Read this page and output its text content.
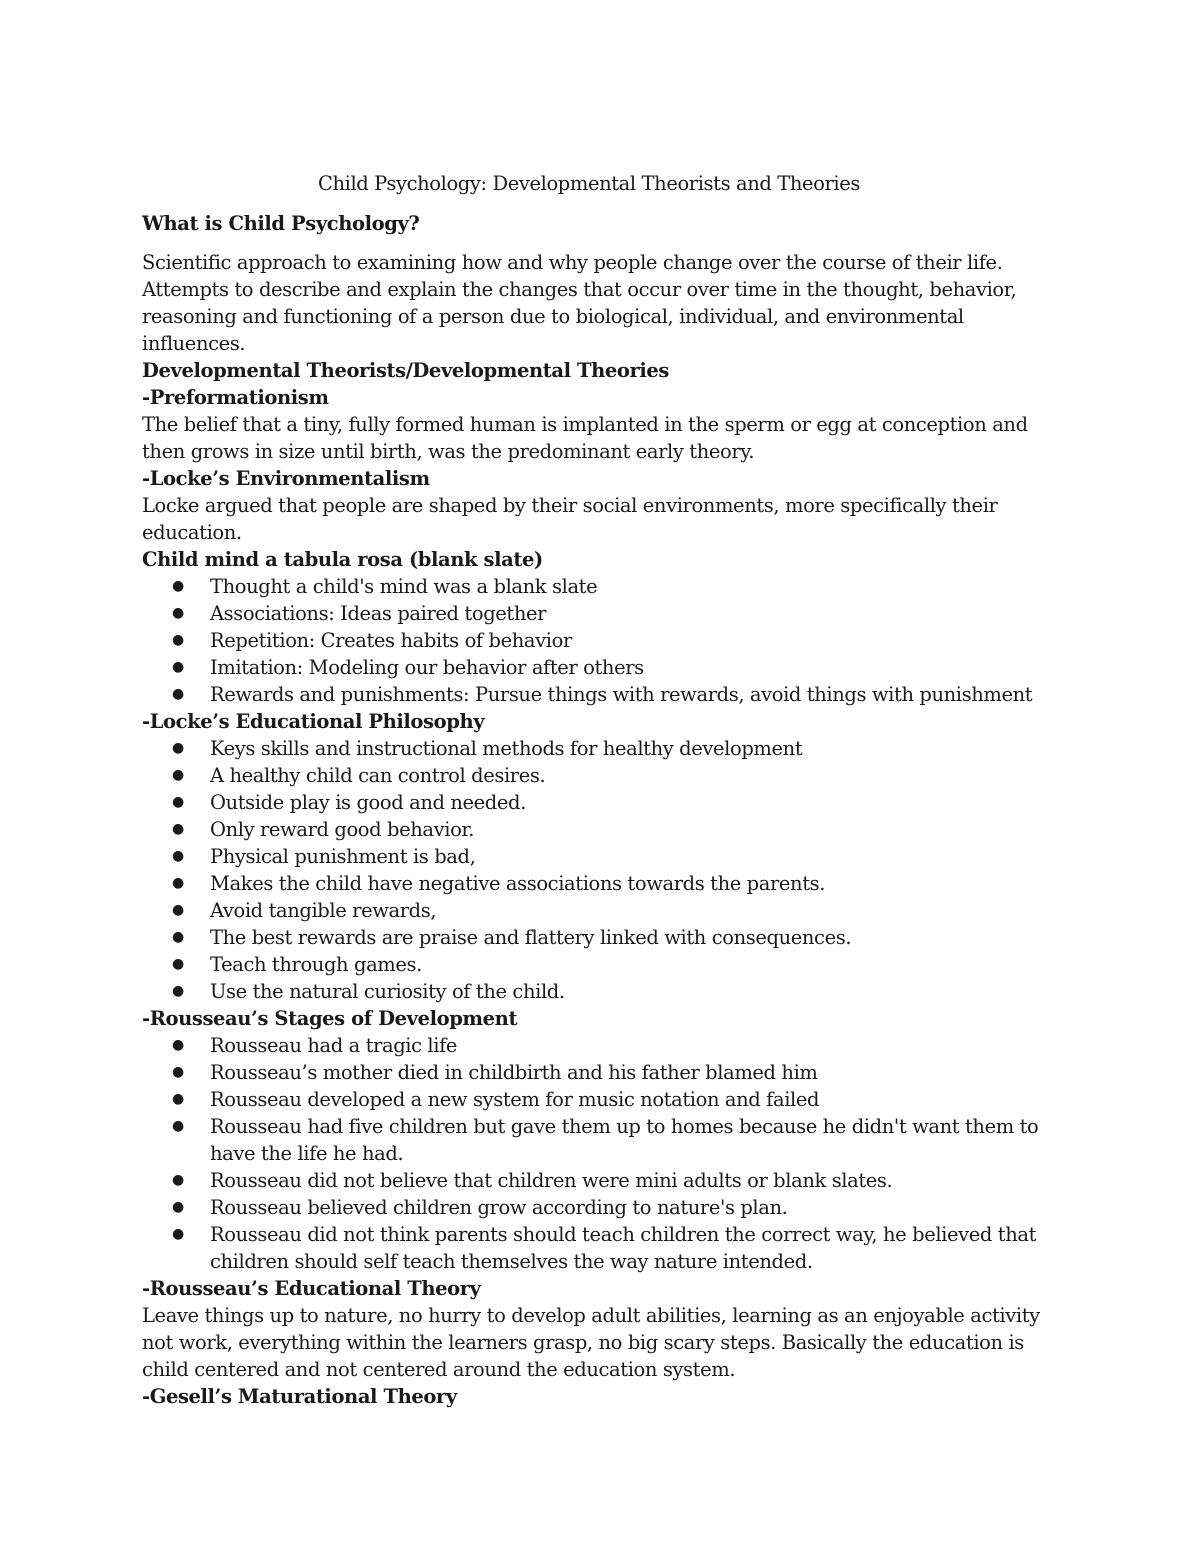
Child Psychology: Developmental Theorists and Theories

What is Child Psychology?

Scientific approach to examining how and why people change over the course of their life. Attempts to describe and explain the changes that occur over time in the thought, behavior, reasoning and functioning of a person due to biological, individual, and environmental influences.

Developmental Theorists/Developmental Theories

-Preformationism

The belief that a tiny, fully formed human is implanted in the sperm or egg at conception and then grows in size until birth, was the predominant early theory.

-Locke’s Environmentalism

Locke argued that people are shaped by their social environments, more specifically their education.

Child mind a tabula rosa (blank slate)

● Thought a child's mind was a blank slate
● Associations: Ideas paired together
● Repetition: Creates habits of behavior
● Imitation: Modeling our behavior after others
● Rewards and punishments: Pursue things with rewards, avoid things with punishment

-Locke’s Educational Philosophy

● Keys skills and instructional methods for healthy development
● A healthy child can control desires.
● Outside play is good and needed.
● Only reward good behavior.
● Physical punishment is bad,
● Makes the child have negative associations towards the parents.
● Avoid tangible rewards,
● The best rewards are praise and flattery linked with consequences.
● Teach through games.
● Use the natural curiosity of the child.

-Rousseau’s Stages of Development

● Rousseau had a tragic life
● Rousseau’s mother died in childbirth and his father blamed him
● Rousseau developed a new system for music notation and failed
● Rousseau had five children but gave them up to homes because he didn't want them to have the life he had.
● Rousseau did not believe that children were mini adults or blank slates.
● Rousseau believed children grow according to nature's plan.
● Rousseau did not think parents should teach children the correct way, he believed that children should self teach themselves the way nature intended.

-Rousseau’s Educational Theory

Leave things up to nature, no hurry to develop adult abilities, learning as an enjoyable activity not work, everything within the learners grasp, no big scary steps. Basically the education is child centered and not centered around the education system.

-Gesell’s Maturational Theory
